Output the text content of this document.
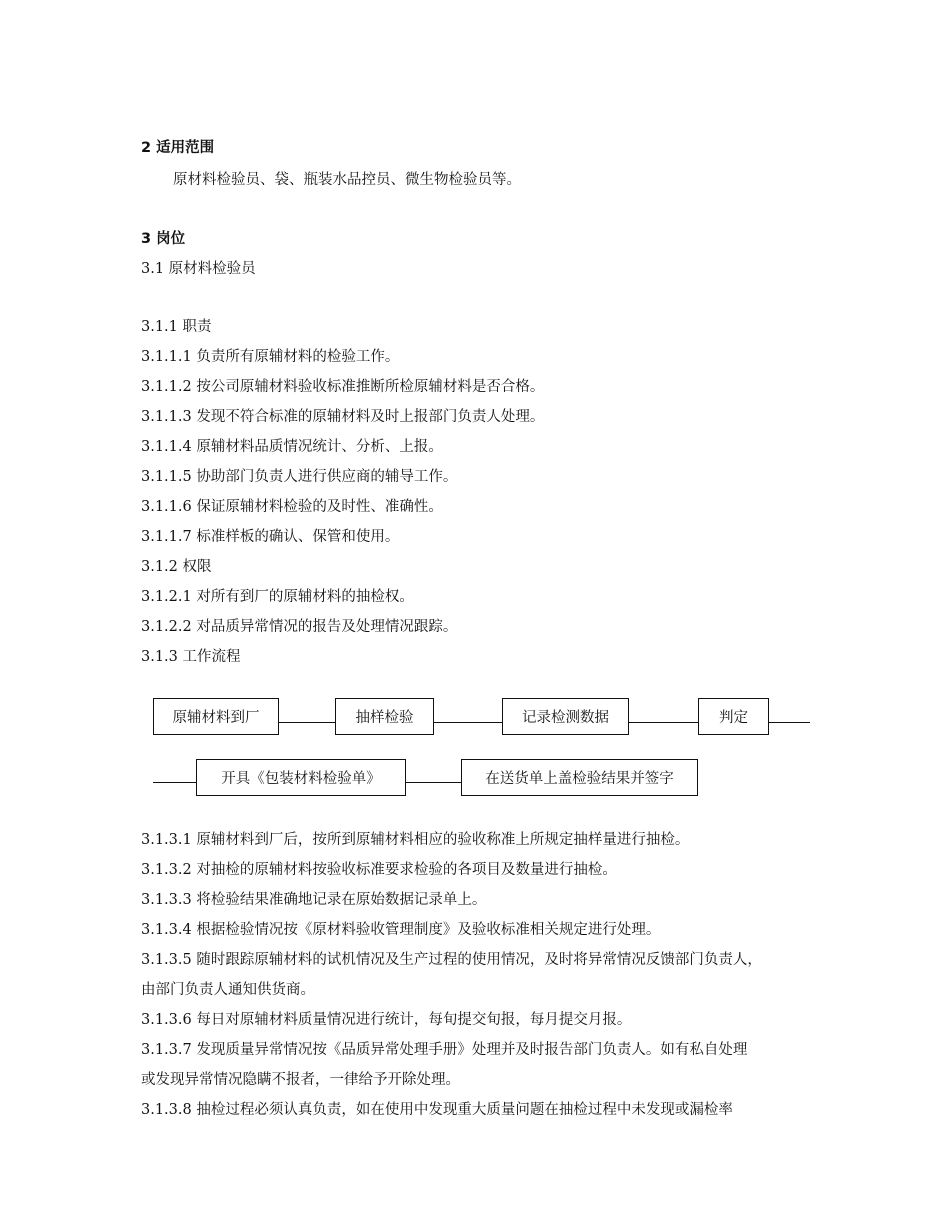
2 适用范围
原材料检验员、袋、瓶装水品控员、微生物检验员等。
3 岗位
3.1 原材料检验员
3.1.1 职责
3.1.1.1 负责所有原辅材料的检验工作。
3.1.1.2 按公司原辅材料验收标准推断所检原辅材料是否合格。
3.1.1.3 发现不符合标准的原辅材料及时上报部门负责人处理。
3.1.1.4 原辅材料品质情况统计、分析、上报。
3.1.1.5 协助部门负责人进行供应商的辅导工作。
3.1.1.6 保证原辅材料检验的及时性、准确性。
3.1.1.7 标准样板的确认、保管和使用。
3.1.2 权限
3.1.2.1 对所有到厂的原辅材料的抽检权。
3.1.2.2 对品质异常情况的报告及处理情况跟踪。
3.1.3 工作流程
原辅材料到厂	抽样检验	记录检测数据	判定
开具《包装材料检验单》	在送货单上盖检验结果并签字
3.1.3.1 原辅材料到厂后，按所到原辅材料相应的验收称准上所规定抽样量进行抽检。
3.1.3.2 对抽检的原辅材料按验收标准要求检验的各项目及数量进行抽检。
3.1.3.3 将检验结果准确地记录在原始数据记录单上。
3.1.3.4 根据检验情况按《原材料验收管理制度》及验收标准相关规定进行处理。
3.1.3.5 随时跟踪原辅材料的试机情况及生产过程的使用情况，及时将异常情况反馈部门负责人，
由部门负责人通知供货商。
3.1.3.6 每日对原辅材料质量情况进行统计，每旬提交旬报，每月提交月报。
3.1.3.7 发现质量异常情况按《品质异常处理手册》处理并及时报告部门负责人。如有私自处理
或发现异常情况隐瞒不报者，一律给予开除处理。
3.1.3.8 抽检过程必须认真负责，如在使用中发现重大质量问题在抽检过程中未发现或漏检率
